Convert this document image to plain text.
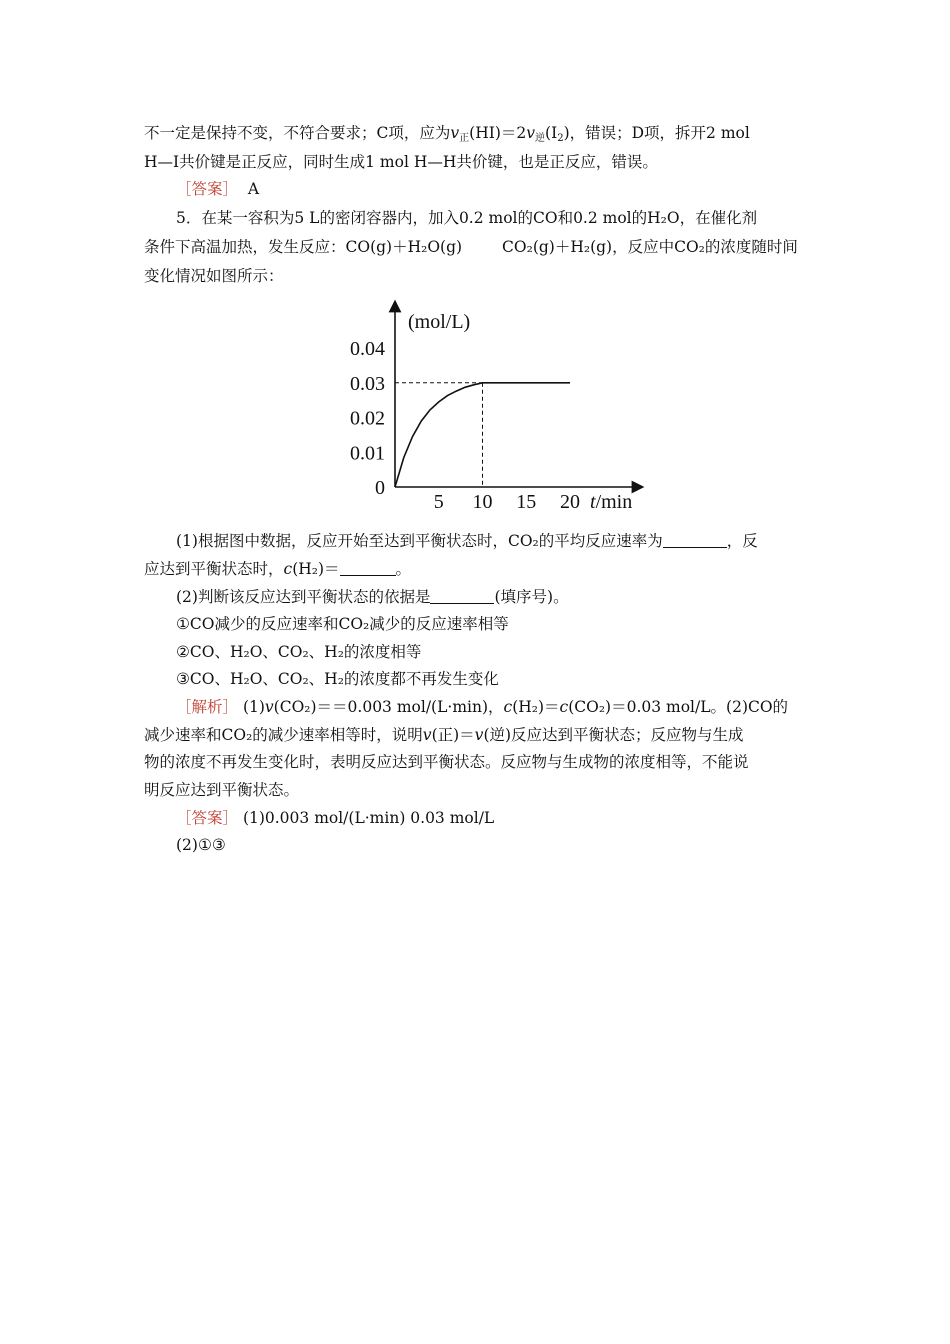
不一定是保持不变，不符合要求；C项，应为$v_正(HI)=2v_逆(I_2)$，错误；D项，拆开2 mol
H—I共价键是正反应，同时生成1 mol H—H共价键，也是正反应，错误。
［答案］ A
5．在某一容积为5 L的密闭容器内，加入0.2 mol的CO和0.2 mol的H₂O，在催化剂
条件下高温加热，发生反应：CO(g)＋H₂O(g)	CO₂(g)＋H₂(g)，反应中CO₂的浓度随时间
变化情况如图所示：
(mol/L)
t/min
0.04
0.03
0.02
0.01
0
5 10 15 20
(1)根据图中数据，反应开始至达到平衡状态时，CO₂的平均反应速率为	，反
应达到平衡状态时，c(H₂)＝	。
(2)判断该反应达到平衡状态的依据是	(填序号)。
①CO减少的反应速率和CO₂减少的反应速率相等
②CO、H₂O、CO₂、H₂的浓度相等
③CO、H₂O、CO₂、H₂的浓度都不再发生变化
［解析］ (1)v(CO₂)＝＝0.003 mol/(L·min)，c(H₂)＝c(CO₂)＝0.03 mol/L。(2)CO的
减少速率和CO₂的减少速率相等时，说明v(正)＝v(逆)反应达到平衡状态；反应物与生成
物的浓度不再发生变化时，表明反应达到平衡状态。反应物与生成物的浓度相等，不能说
明反应达到平衡状态。
［答案］ (1)0.003 mol/(L·min) 0.03 mol/L
(2)①③
